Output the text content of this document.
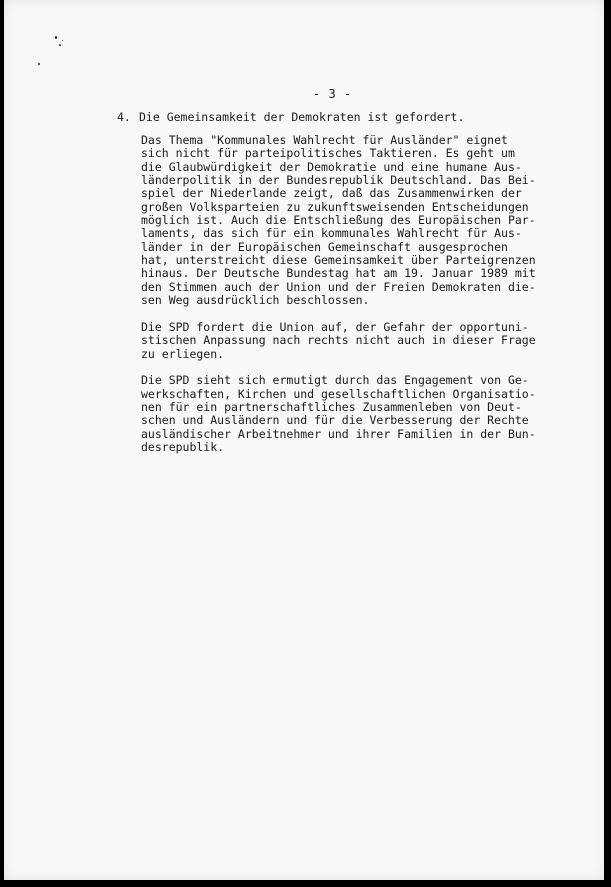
- 3 -
4. Die Gemeinsamkeit der Demokraten ist gefordert.
Das Thema "Kommunales Wahlrecht für Ausländer" eignet
sich nicht für parteipolitisches Taktieren. Es geht um
die Glaubwürdigkeit der Demokratie und eine humane Aus-
länderpolitik in der Bundesrepublik Deutschland. Das Bei-
spiel der Niederlande zeigt, daß das Zusammenwirken der
großen Volksparteien zu zukunftsweisenden Entscheidungen
möglich ist. Auch die Entschließung des Europäischen Par-
laments, das sich für ein kommunales Wahlrecht für Aus-
länder in der Europäischen Gemeinschaft ausgesprochen
hat, unterstreicht diese Gemeinsamkeit über Parteigrenzen
hinaus. Der Deutsche Bundestag hat am 19. Januar 1989 mit
den Stimmen auch der Union und der Freien Demokraten die-
sen Weg ausdrücklich beschlossen.
Die SPD fordert die Union auf, der Gefahr der opportuni-
stischen Anpassung nach rechts nicht auch in dieser Frage
zu erliegen.
Die SPD sieht sich ermutigt durch das Engagement von Ge-
werkschaften, Kirchen und gesellschaftlichen Organisatio-
nen für ein partnerschaftliches Zusammenleben von Deut-
schen und Ausländern und für die Verbesserung der Rechte
ausländischer Arbeitnehmer und ihrer Familien in der Bun-
desrepublik.
